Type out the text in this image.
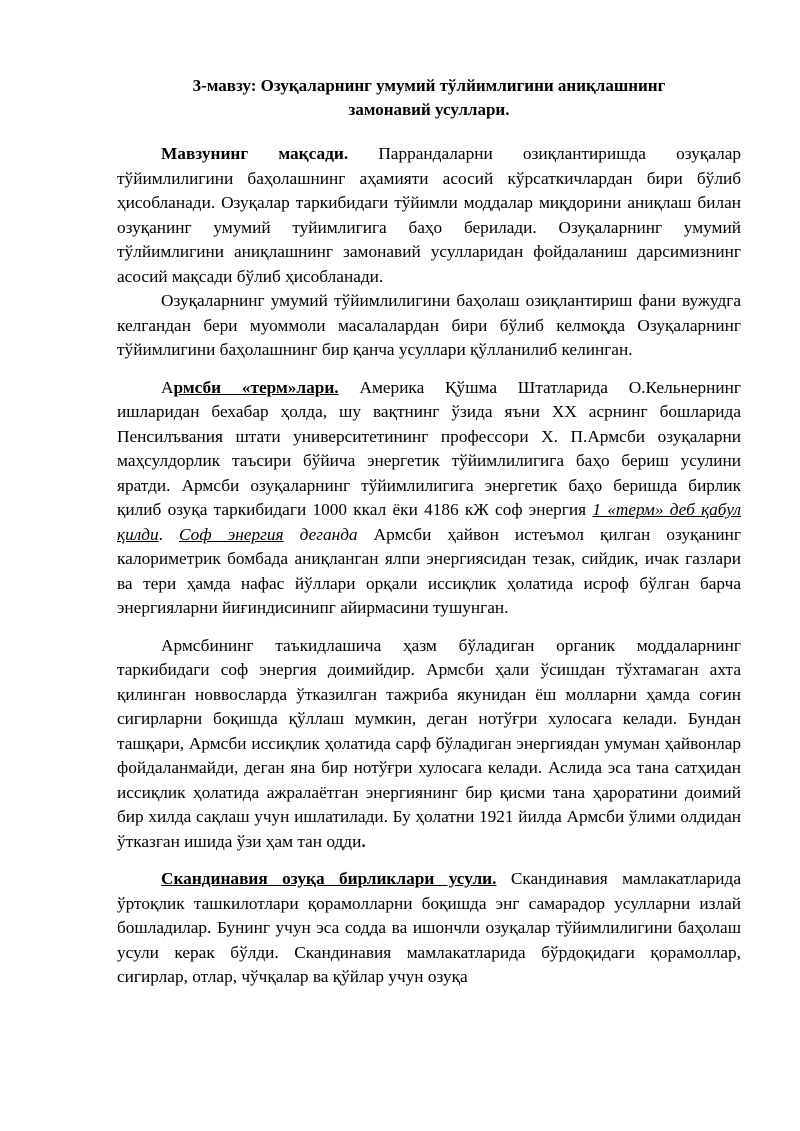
3-мавзу: Озуқаларнинг умумий тўлйимлигини аниқлашнинг
замонавий усуллари.

Мавзунинг мақсади. Паррандаларни озиқлантиришда озуқалар тўйимлилигини баҳолашнинг аҳамияти асосий кўрсаткичлардан бири бўлиб ҳисобланади. Озуқалар таркибидаги тўйимли моддалар миқдорини аниқлаш билан озуқанинг умумий туйимлигига баҳо берилади. Озуқаларнинг умумий тўлйимлигини аниқлашнинг замонавий усулларидан фойдаланиш дарсимизнинг асосий мақсади бўлиб ҳисобланади.

Озуқаларнинг умумий тўйимлилигини баҳолаш озиқлантириш фани вужудга келгандан бери муоммоли масалалардан бири бўлиб келмоқда Озуқаларнинг тўйимлигини баҳолашнинг бир қанча усуллари қўлланилиб келинган.

Армсби «терм»лари. Америка Қўшма Штатларида О.Кельнернинг ишларидан бехабар ҳолда, шу вақтнинг ўзида яъни XX асрнинг бошларида Пенсилъвания штати университетининг профессори Х. П.Армсби озуқаларни маҳсулдорлик таъсири бўйича энергетик тўйимлилигига баҳо бериш усулини яратди. Армсби озуқаларнинг тўйимлилигига энергетик баҳо беришда бирлик қилиб озуқа таркибидаги 1000 ккал ёки 4186 кЖ соф энергия 1 «терм» деб қабул қилди. Соф энергия деганда Армсби ҳайвон истеъмол қилган озуқанинг калориметрик бомбада аниқланган ялпи энергиясидан тезак, сийдик, ичак газлари ва тери ҳамда нафас йўллари орқали иссиқлик ҳолатида исроф бўлган барча энергияларни йиғиндисинипг айирмасини тушунган.

Армсбининг таъкидлашича ҳазм бўладиган органик моддаларнинг таркибидаги соф энергия доимийдир. Армсби ҳали ўсишдан тўхтамаган ахта қилинган новвосларда ўтказилган тажриба якунидан ёш молларни ҳамда соғин сигирларни боқишда қўллаш мумкин, деган нотўғри хулосага келади. Бундан ташқари, Армсби иссиқлик ҳолатида сарф бўладиган энергиядан умуман ҳайвонлар фойдаланмайди, деган яна бир нотўғри хулосага келади. Аслида эса тана сатҳидан иссиқлик ҳолатида ажралаётган энергиянинг бир қисми тана ҳароратини доимий бир хилда сақлаш учун ишлатилади. Бу ҳолатни 1921 йилда Армсби ўлими олдидан ўтказган ишида ўзи ҳам тан одди.

Скандинавия озуқа бирликлари усули. Скандинавия мамлакатларида ўртоқлик ташкилотлари қорамолларни боқишда энг самарадор усулларни излай бошладилар. Бунинг учун эса содда ва ишончли озуқалар тўйимлилигини баҳолаш усули керак бўлди. Скандинавия мамлакатларида бўрдоқидаги қорамоллар, сигирлар, отлар, чўчқалар ва қўйлар учун озуқа
